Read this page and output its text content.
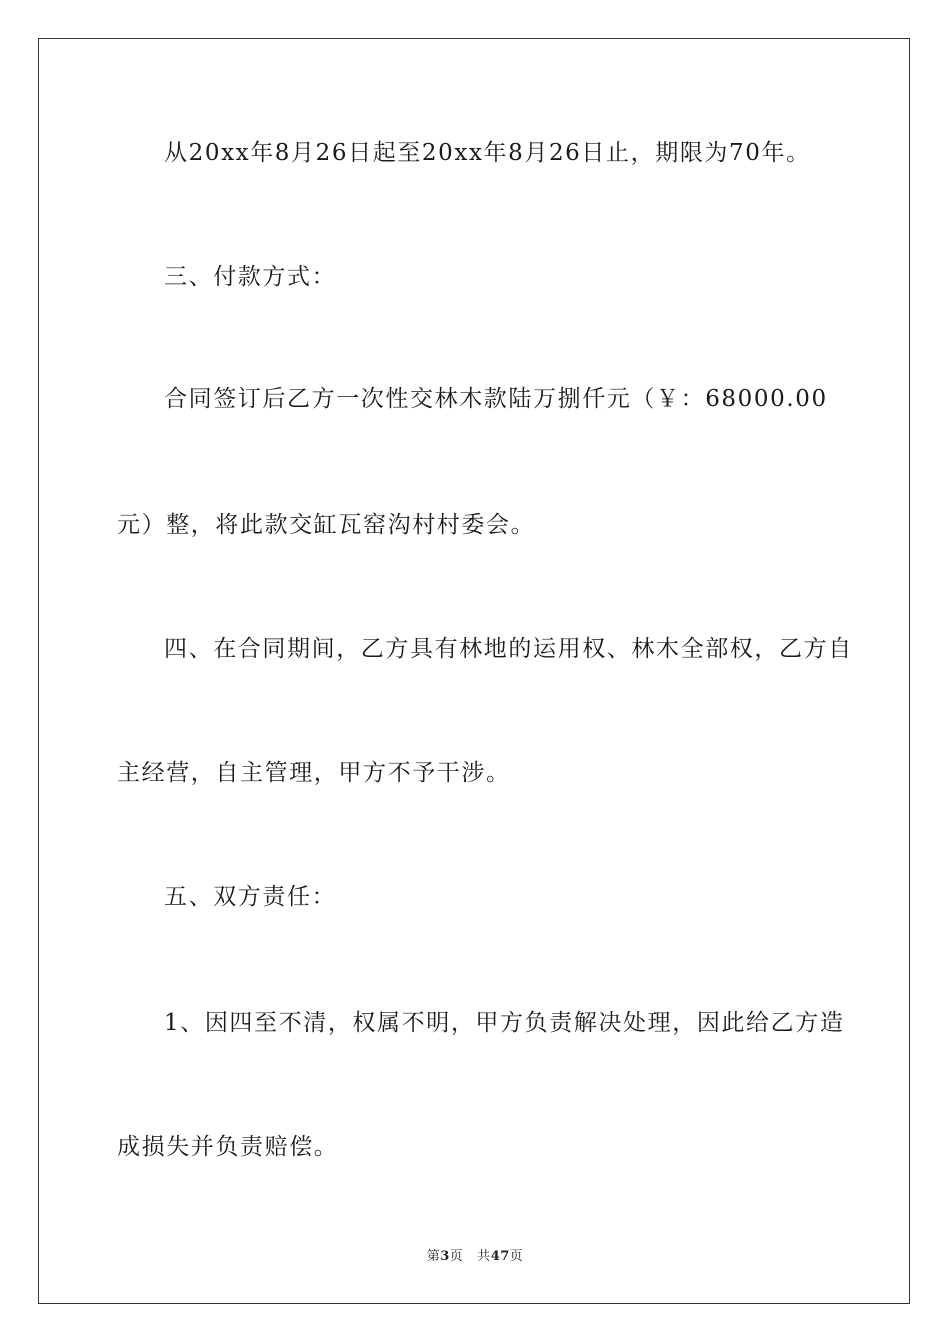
从20xx年8月26日起至20xx年8月26日止，期限为70年。
三、付款方式：
合同签订后乙方一次性交林木款陆万捌仟元（￥：68000.00
元）整，将此款交缸瓦窑沟村村委会。
四、在合同期间，乙方具有林地的运用权、林木全部权，乙方自
主经营，自主管理，甲方不予干涉。
五、双方责任：
1、因四至不清，权属不明，甲方负责解决处理，因此给乙方造
成损失并负责赔偿。
第3页 共47页
